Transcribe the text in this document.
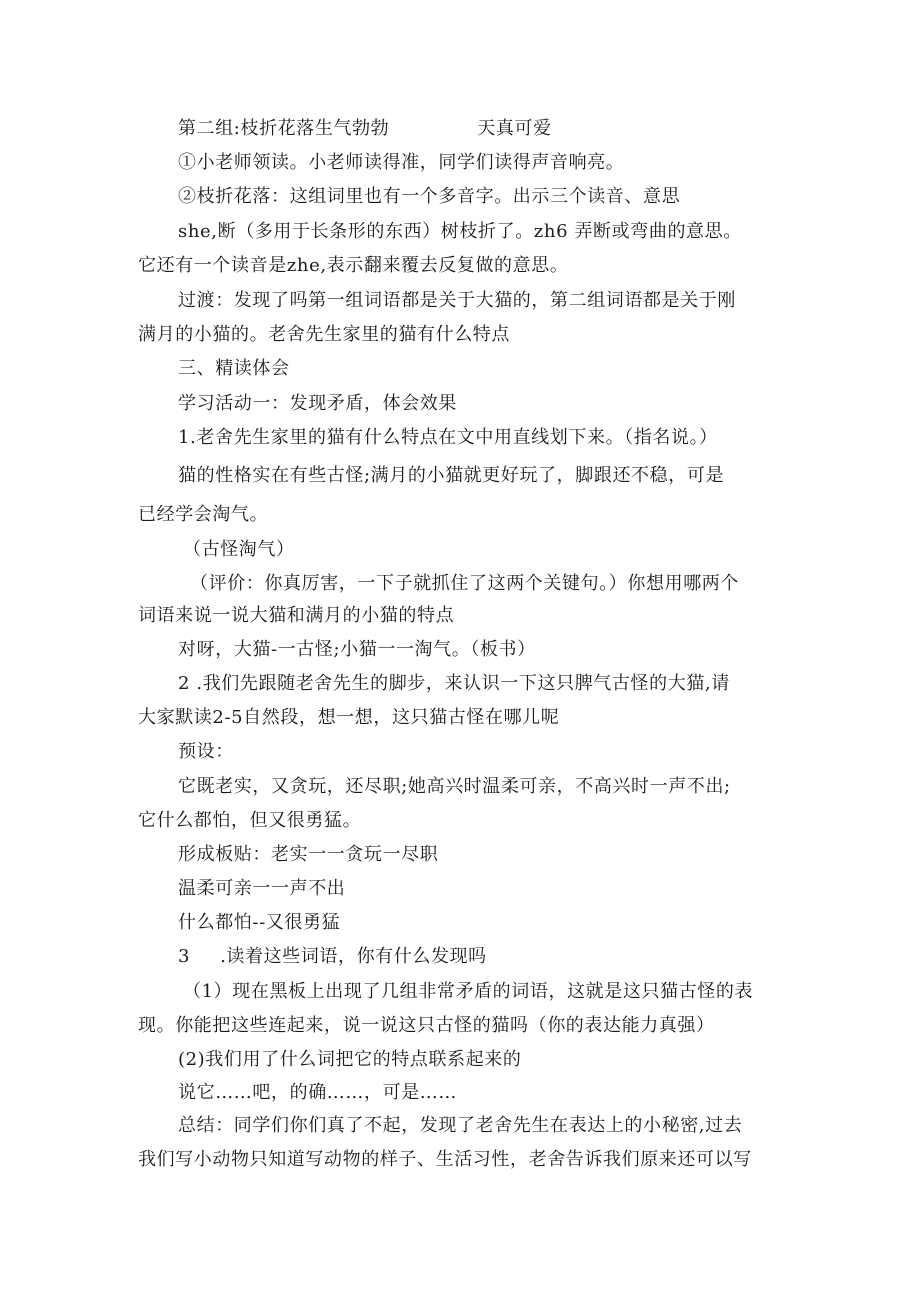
第二组:枝折花落生气勃勃	天真可爱
①小老师领读。小老师读得准，同学们读得声音响亮。
②枝折花落：这组词里也有一个多音字。出示三个读音、意思
she,断（多用于长条形的东西）树枝折了。zh6 弄断或弯曲的意思。
它还有一个读音是zhe,表示翻来覆去反复做的意思。
过渡：发现了吗第一组词语都是关于大猫的，第二组词语都是关于刚
满月的小猫的。老舍先生家里的猫有什么特点
三、精读体会
学习活动一：发现矛盾，体会效果
1.老舍先生家里的猫有什么特点在文中用直线划下来。（指名说。）
猫的性格实在有些古怪;满月的小猫就更好玩了，脚跟还不稳，可是
已经学会淘气。
（古怪淘气）
（评价：你真厉害，一下子就抓住了这两个关键句。）你想用哪两个
词语来说一说大猫和满月的小猫的特点
对呀，大猫-一古怪;小猫一一淘气。（板书）
2 .我们先跟随老舍先生的脚步，来认识一下这只脾气古怪的大猫,请
大家默读2-5自然段，想一想，这只猫古怪在哪儿呢
预设：
它既老实，又贪玩，还尽职;她高兴时温柔可亲，不高兴时一声不出;
它什么都怕，但又很勇猛。
形成板贴：老实一一贪玩一尽职
温柔可亲一一声不出
什么都怕--又很勇猛
3 .读着这些词语，你有什么发现吗
（1）现在黑板上出现了几组非常矛盾的词语，这就是这只猫古怪的表
现。你能把这些连起来，说一说这只古怪的猫吗（你的表达能力真强）
(2)我们用了什么词把它的特点联系起来的
说它……吧，的确……，可是……
总结：同学们你们真了不起，发现了老舍先生在表达上的小秘密,过去
我们写小动物只知道写动物的样子、生活习性，老舍告诉我们原来还可以写
